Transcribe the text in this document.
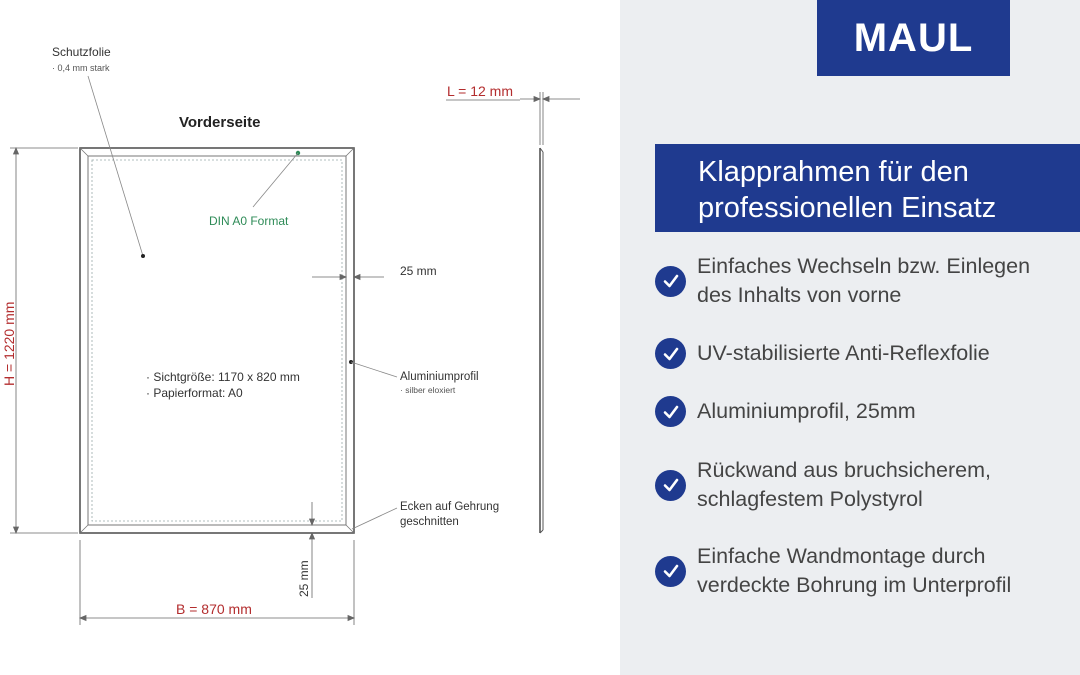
L = 12 mm
Vorderseite
Schutzfolie
· 0,4 mm stark
DIN A0 Format
25 mm
Aluminiumprofil
· silber eloxiert
· Sichtgröße: 1170 x 820 mm
· Papierformat: A0
Ecken auf Gehrung
geschnitten
H = 1220 mm
25 mm
B = 870 mm
MAUL
Klapprahmen für den
professionellen Einsatz
Einfaches Wechseln bzw. Einlegen
des Inhalts von vorne
UV-stabilisierte Anti-Reflexfolie
Aluminiumprofil, 25mm
Rückwand aus bruchsicherem,
schlagfestem Polystyrol
Einfache Wandmontage durch
verdeckte Bohrung im Unterprofil
